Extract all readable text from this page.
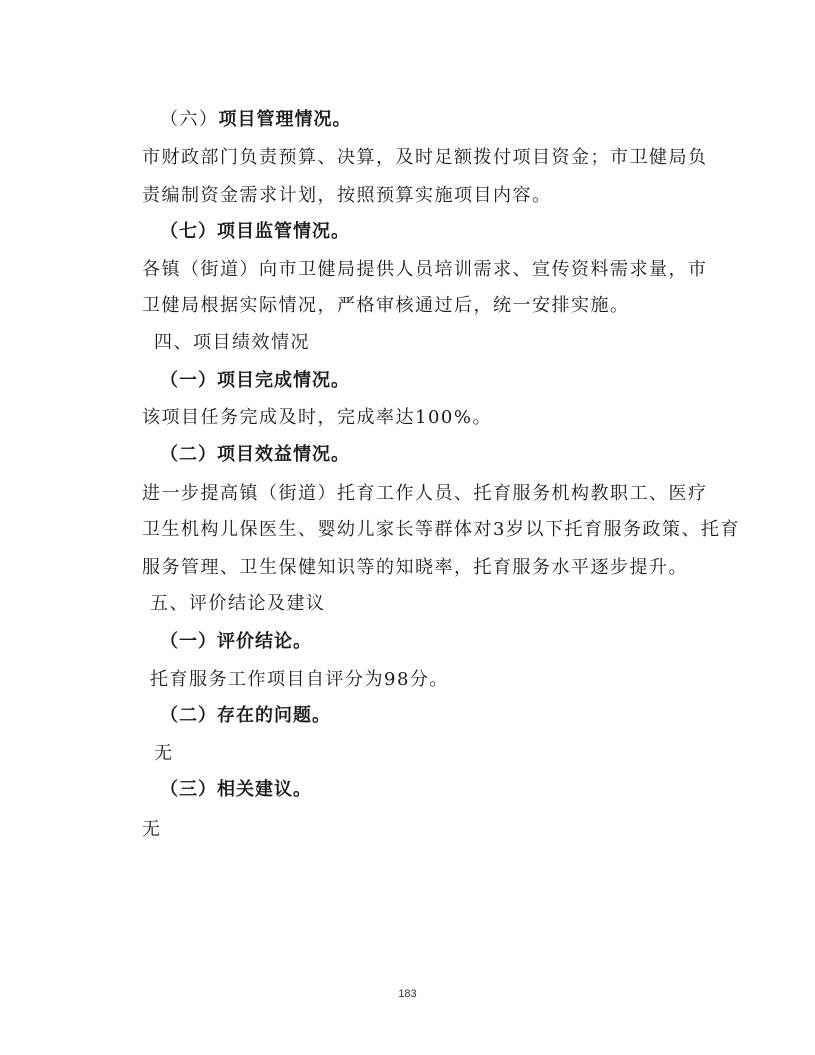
（六）项目管理情况。
市财政部门负责预算、决算，及时足额拨付项目资金；市卫健局负
责编制资金需求计划，按照预算实施项目内容。
（七）项目监管情况。
各镇（街道）向市卫健局提供人员培训需求、宣传资料需求量，市
卫健局根据实际情况，严格审核通过后，统一安排实施。
四、项目绩效情况
（一）项目完成情况。
该项目任务完成及时，完成率达100%。
（二）项目效益情况。
进一步提高镇（街道）托育工作人员、托育服务机构教职工、医疗
卫生机构儿保医生、婴幼儿家长等群体对3岁以下托育服务政策、托育
服务管理、卫生保健知识等的知晓率，托育服务水平逐步提升。
五、评价结论及建议
（一）评价结论。
托育服务工作项目自评分为98分。
（二）存在的问题。
无
（三）相关建议。
无
183
